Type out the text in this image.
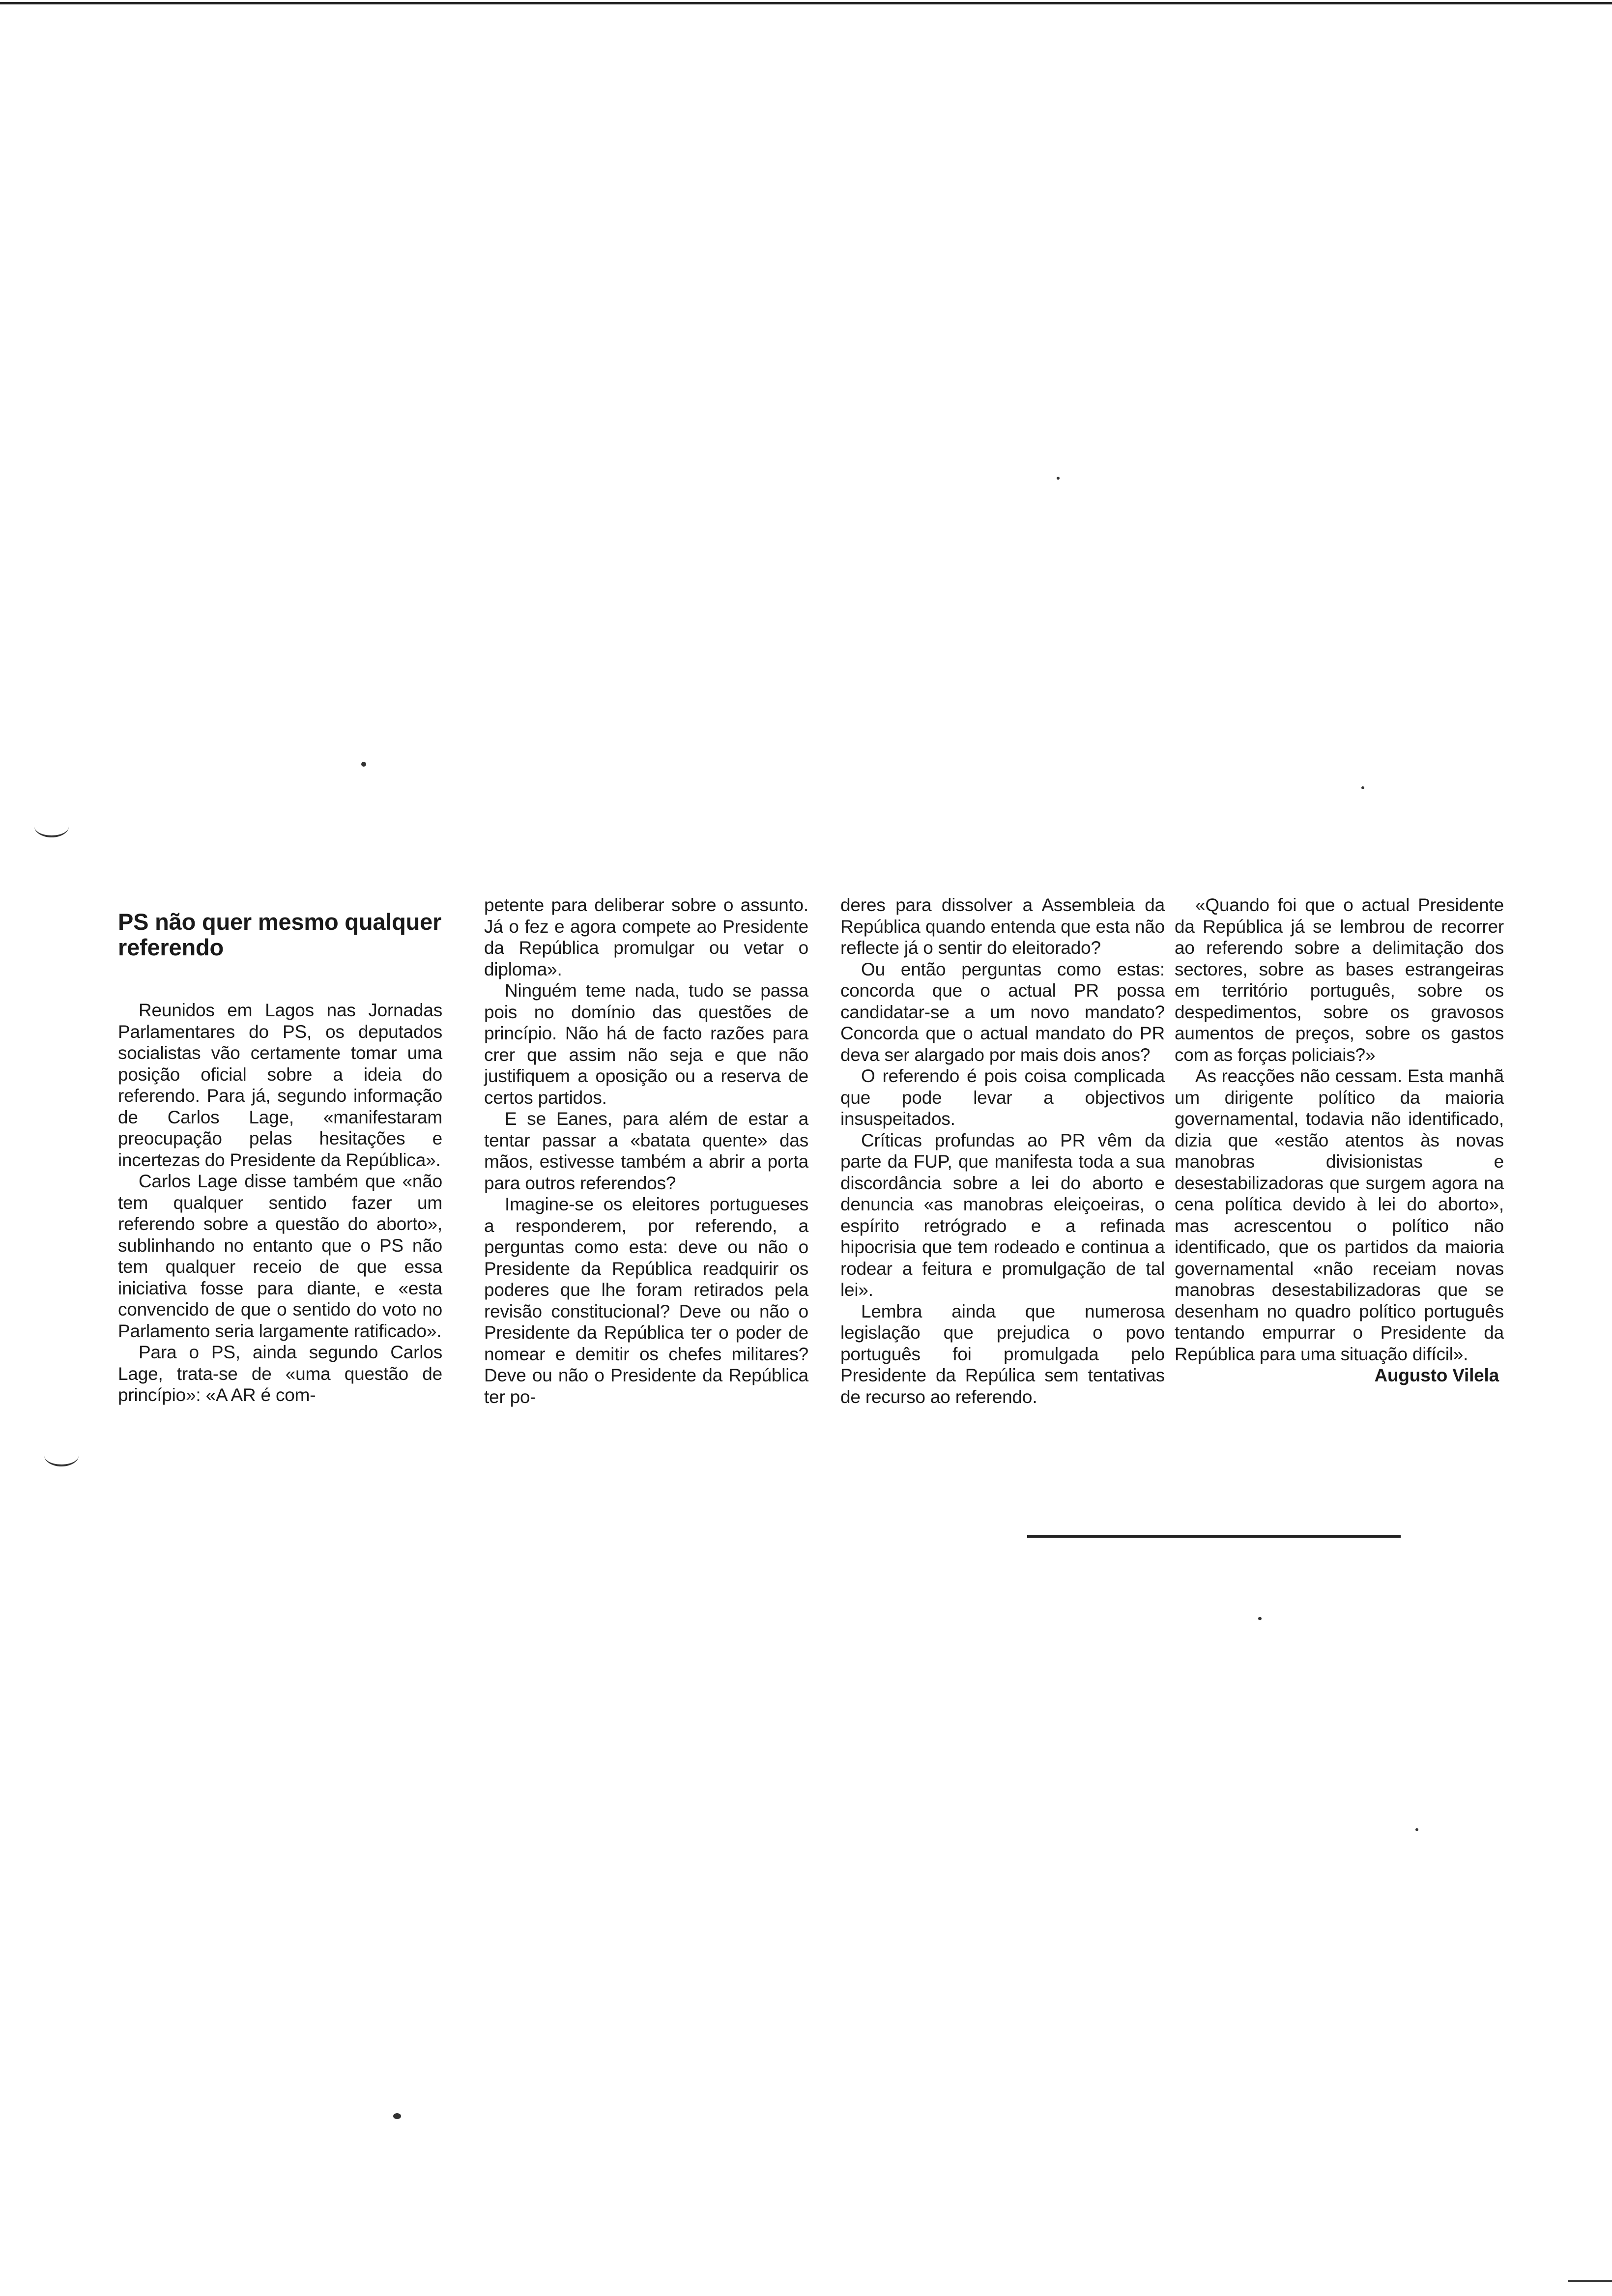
PS não quer mesmo qualquer referendo

Reunidos em Lagos nas Jornadas Parlamentares do PS, os deputados socialistas vão certamente tomar uma posição oficial sobre a ideia do referendo. Para já, segundo informação de Carlos Lage, «manifestaram preocupação pelas hesitações e incertezas do Presidente da República».

Carlos Lage disse também que «não tem qualquer sentido fazer um referendo sobre a questão do aborto», sublinhando no entanto que o PS não tem qualquer receio de que essa iniciativa fosse para diante, e «esta convencido de que o sentido do voto no Parlamento seria largamente ratificado».

Para o PS, ainda segundo Carlos Lage, trata-se de «uma questão de princípio»: «A AR é com-

petente para deliberar sobre o assunto. Já o fez e agora compete ao Presidente da República promulgar ou vetar o diploma».

Ninguém teme nada, tudo se passa pois no domínio das questões de princípio. Não há de facto razões para crer que assim não seja e que não justifiquem a oposição ou a reserva de certos partidos.

E se Eanes, para além de estar a tentar passar a «batata quente» das mãos, estivesse também a abrir a porta para outros referendos?

Imagine-se os eleitores portugueses a responderem, por referendo, a perguntas como esta: deve ou não o Presidente da República readquirir os poderes que lhe foram retirados pela revisão constitucional? Deve ou não o Presidente da República ter o poder de nomear e demitir os chefes militares? Deve ou não o Presidente da República ter po-

deres para dissolver a Assembleia da República quando entenda que esta não reflecte já o sentir do eleitorado?

Ou então perguntas como estas: concorda que o actual PR possa candidatar-se a um novo mandato? Concorda que o actual mandato do PR deva ser alargado por mais dois anos?

O referendo é pois coisa complicada que pode levar a objectivos insuspeitados.

Críticas profundas ao PR vêm da parte da FUP, que manifesta toda a sua discordância sobre a lei do aborto e denuncia «as manobras eleiçoeiras, o espírito retrógrado e a refinada hipocrisia que tem rodeado e continua a rodear a feitura e promulgação de tal lei».

Lembra ainda que numerosa legislação que prejudica o povo português foi promulgada pelo Presidente da Repúlica sem tentativas de recurso ao referendo.

«Quando foi que o actual Presidente da República já se lembrou de recorrer ao referendo sobre a delimitação dos sectores, sobre as bases estrangeiras em território português, sobre os despedimentos, sobre os gravosos aumentos de preços, sobre os gastos com as forças policiais?»

As reacções não cessam. Esta manhã um dirigente político da maioria governamental, todavia não identificado, dizia que «estão atentos às novas manobras divisionistas e desestabilizadoras que surgem agora na cena política devido à lei do aborto», mas acrescentou o político não identificado, que os partidos da maioria governamental «não receiam novas manobras desestabilizadoras que se desenham no quadro político português tentando empurrar o Presidente da República para uma situação difícil».

Augusto Vilela
